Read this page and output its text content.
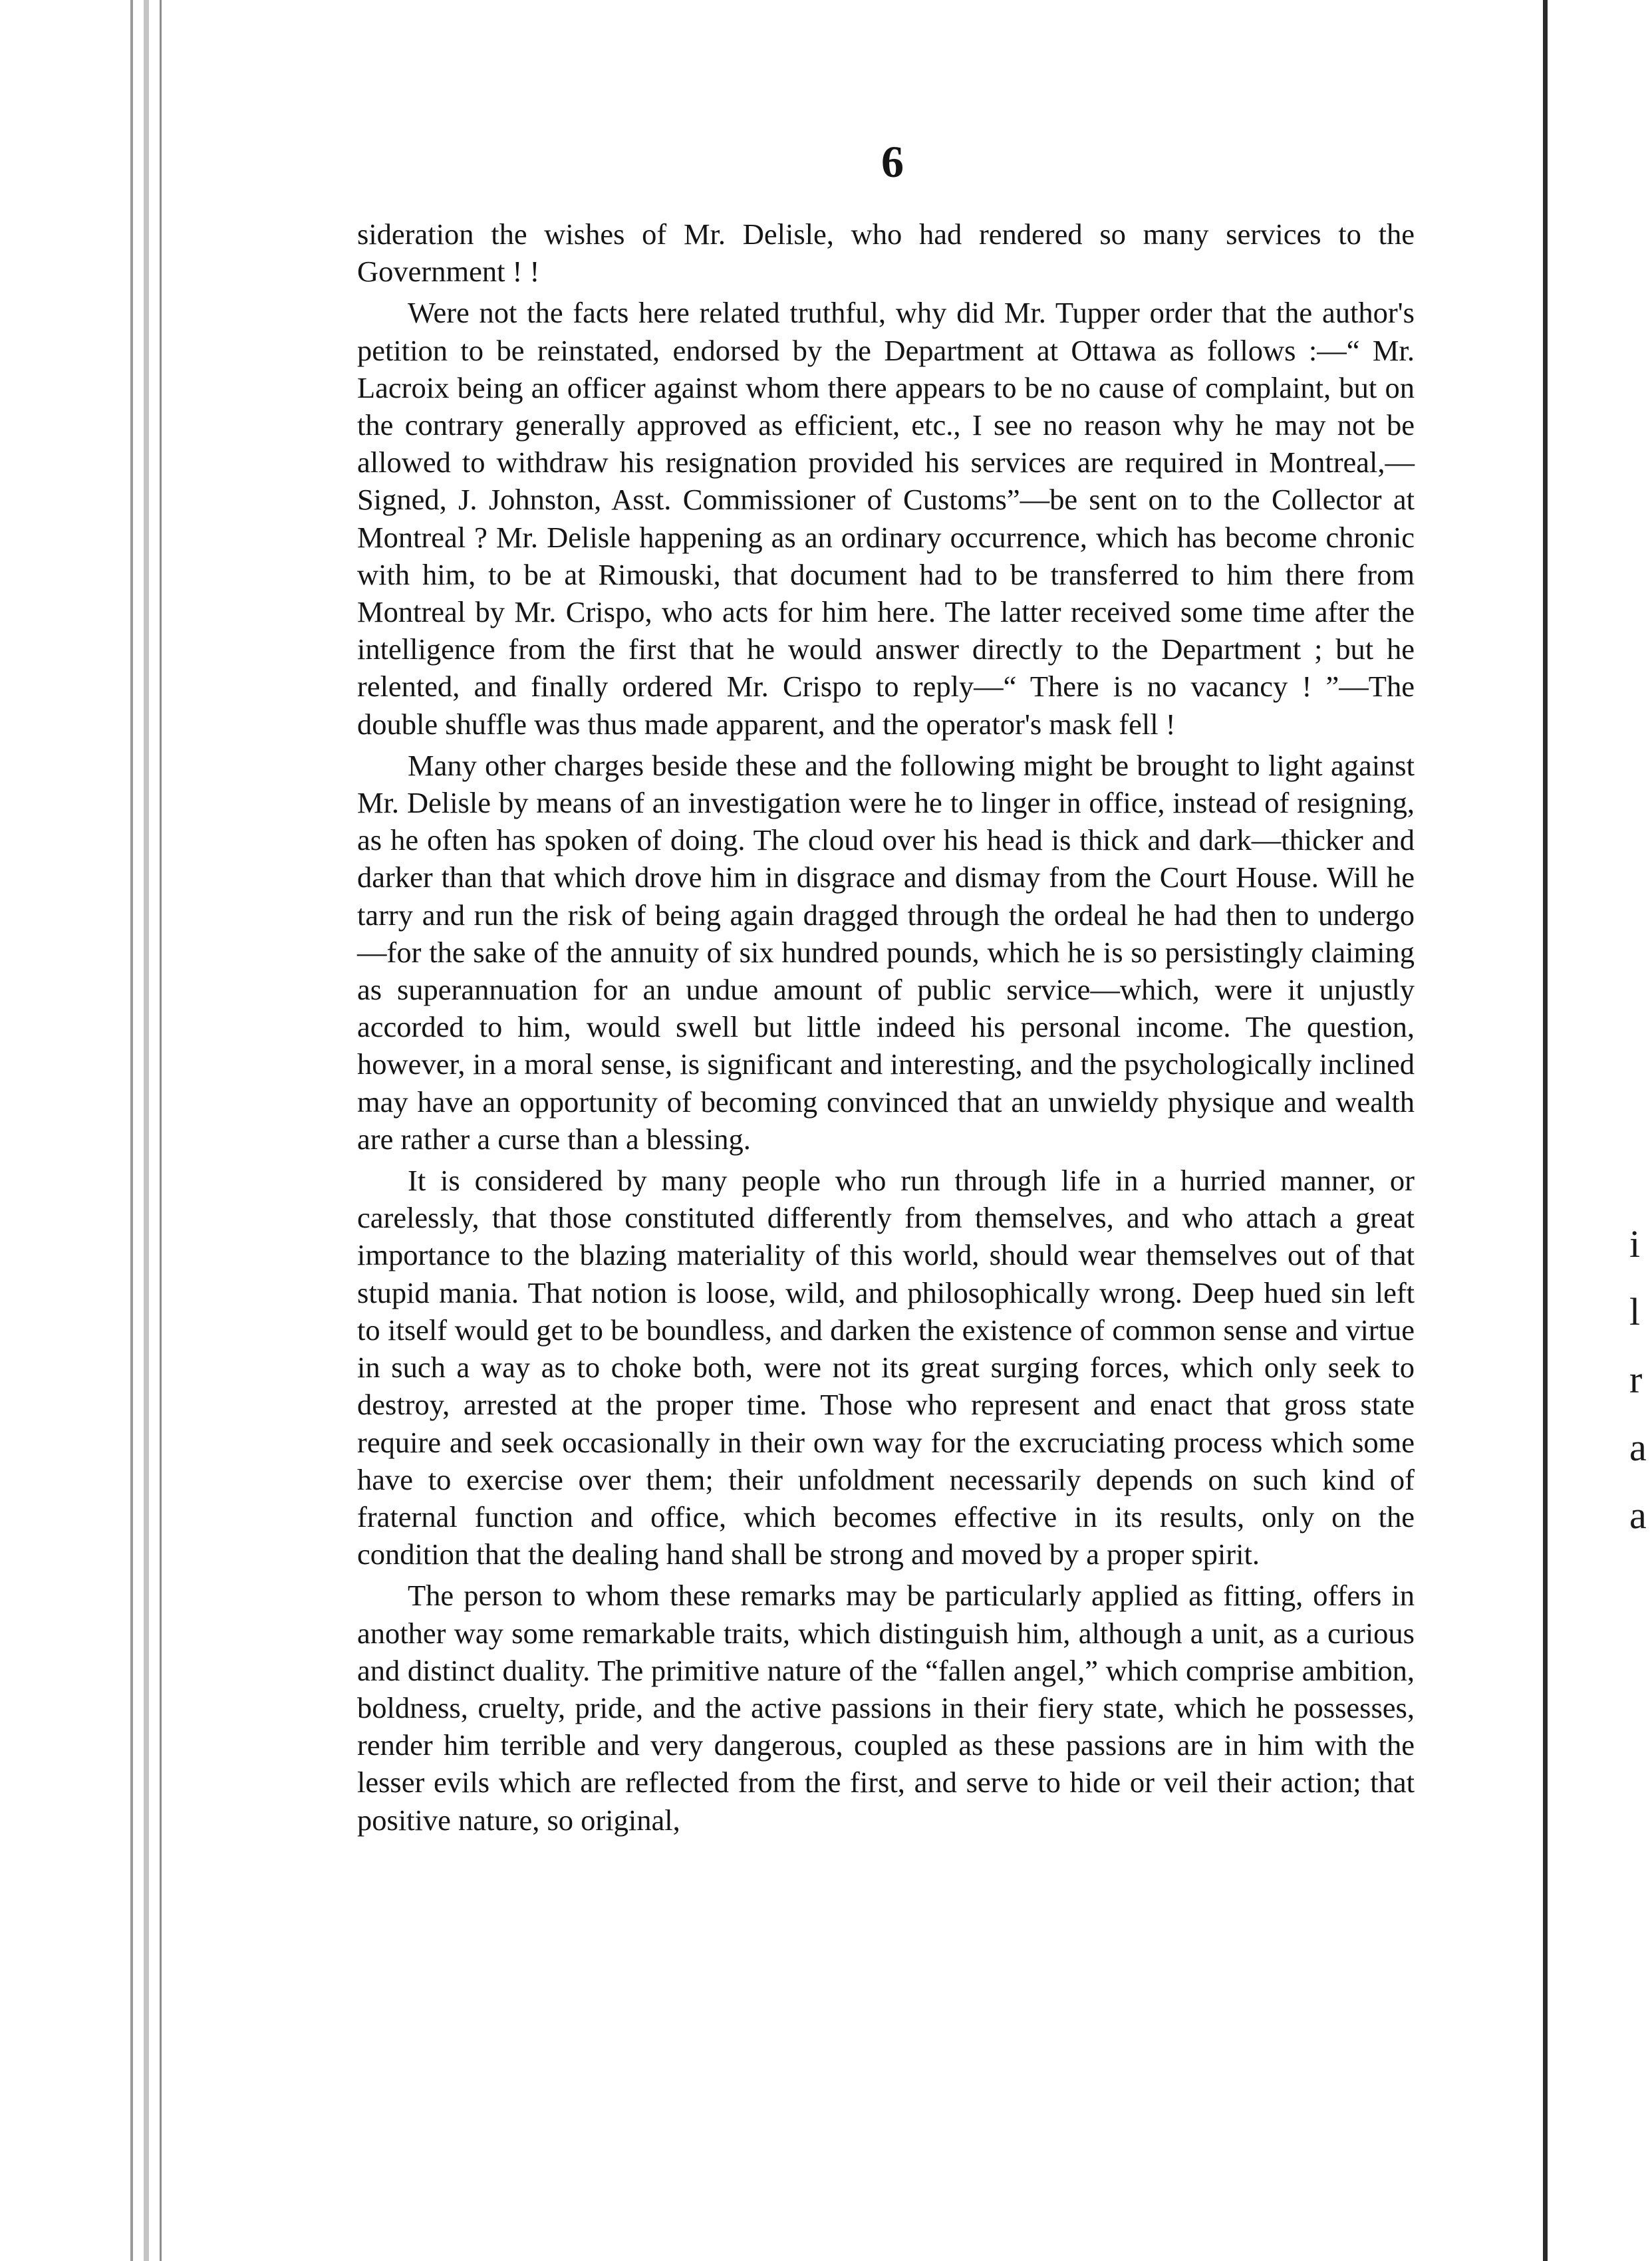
i
l
r
a
a
6

sideration the wishes of Mr. Delisle, who had rendered so many services to the Government ! !

Were not the facts here related truthful, why did Mr. Tupper order that the author's petition to be reinstated, endorsed by the Department at Ottawa as follows :—“ Mr. Lacroix being an officer against whom there appears to be no cause of complaint, but on the contrary generally approved as efficient, etc., I see no reason why he may not be allowed to withdraw his resignation provided his services are required in Montreal,—Signed, J. Johnston, Asst. Commissioner of Customs”—be sent on to the Collector at Montreal ? Mr. Delisle happening as an ordinary occurrence, which has become chronic with him, to be at Rimouski, that document had to be transferred to him there from Montreal by Mr. Crispo, who acts for him here. The latter received some time after the intelligence from the first that he would answer directly to the Department ; but he relented, and finally ordered Mr. Crispo to reply—“ There is no vacancy ! ”—The double shuffle was thus made apparent, and the operator's mask fell !

Many other charges beside these and the following might be brought to light against Mr. Delisle by means of an investigation were he to linger in office, instead of resigning, as he often has spoken of doing. The cloud over his head is thick and dark—thicker and darker than that which drove him in disgrace and dismay from the Court House. Will he tarry and run the risk of being again dragged through the ordeal he had then to undergo—for the sake of the annuity of six hundred pounds, which he is so persistingly claiming as superannuation for an undue amount of public service—which, were it unjustly accorded to him, would swell but little indeed his personal income. The question, however, in a moral sense, is significant and interesting, and the psychologically inclined may have an opportunity of becoming convinced that an unwieldy physique and wealth are rather a curse than a blessing.

It is considered by many people who run through life in a hurried manner, or carelessly, that those constituted differently from themselves, and who attach a great importance to the blazing materiality of this world, should wear themselves out of that stupid mania. That notion is loose, wild, and philosophically wrong. Deep hued sin left to itself would get to be boundless, and darken the existence of common sense and virtue in such a way as to choke both, were not its great surging forces, which only seek to destroy, arrested at the proper time. Those who represent and enact that gross state require and seek occasionally in their own way for the excruciating process which some have to exercise over them; their unfoldment necessarily depends on such kind of fraternal function and office, which becomes effective in its results, only on the condition that the dealing hand shall be strong and moved by a proper spirit.

The person to whom these remarks may be particularly applied as fitting, offers in another way some remarkable traits, which distinguish him, although a unit, as a curious and distinct duality. The primitive nature of the “fallen angel,” which comprise ambition, boldness, cruelty, pride, and the active passions in their fiery state, which he possesses, render him terrible and very dangerous, coupled as these passions are in him with the lesser evils which are reflected from the first, and serve to hide or veil their action; that positive nature, so original,
